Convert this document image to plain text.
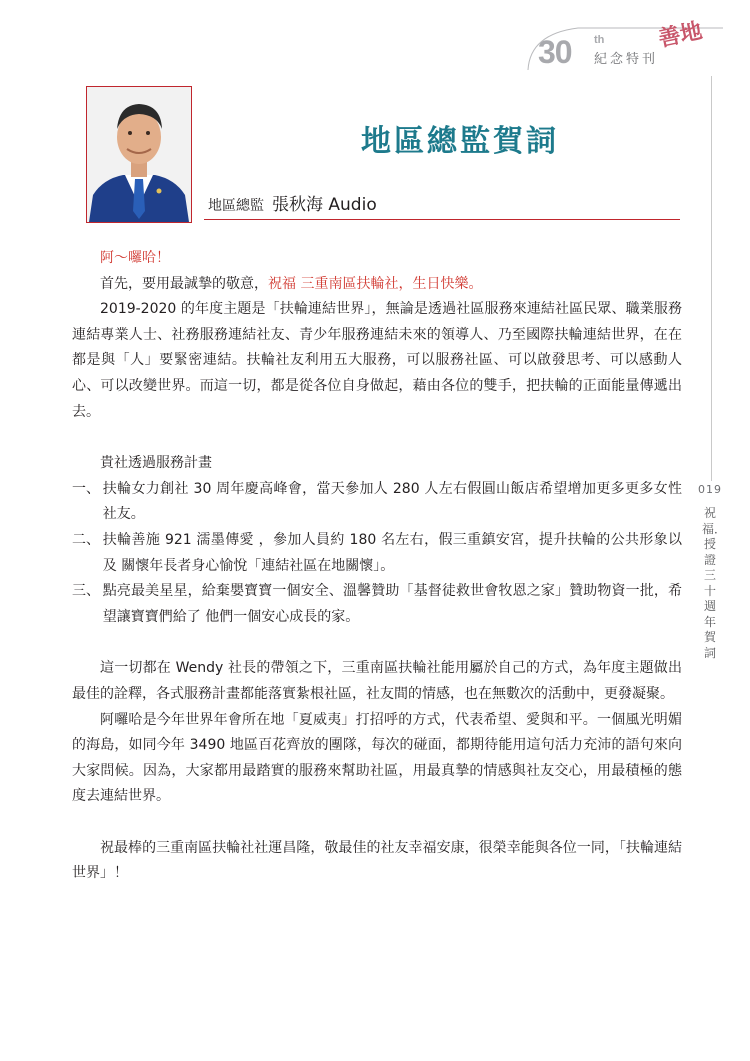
30 th
紀念特刊
善地
019
祝福．授證三十週年賀詞
地區總監賀詞
地區總監 張秋海 Audio

阿～囉哈！

首先，要用最誠摯的敬意，祝福 三重南區扶輪社，生日快樂。

2019-2020 的年度主題是「扶輪連結世界」，無論是透過社區服務來連結社區民眾、職業服務連結專業人士、社務服務連結社友、青少年服務連結未來的領導人、乃至國際扶輪連結世界，在在都是與「人」要緊密連結。扶輪社友利用五大服務，可以服務社區、可以啟發思考、可以感動人心、可以改變世界。而這一切，都是從各位自身做起，藉由各位的雙手，把扶輪的正面能量傳遞出去。

貴社透過服務計畫

一、 扶輪女力創社 30 周年慶高峰會，當天參加人 280 人左右假圓山飯店希望增加更多更多女性社友。

二、 扶輪善施 921 濡墨傳愛 ，參加人員約 180 名左右，假三重鎮安宮，提升扶輪的公共形象以及 關懷年長者身心愉悅「連結社區在地關懷」。

三、 點亮最美星星，給棄嬰寶寶一個安全、溫馨贊助「基督徒救世會牧恩之家」贊助物資一批，希望讓寶寶們給了 他們一個安心成長的家。

這一切都在 Wendy 社長的帶領之下，三重南區扶輪社能用屬於自己的方式，為年度主題做出最佳的詮釋，各式服務計畫都能落實紮根社區，社友間的情感，也在無數次的活動中，更發凝聚。

阿囉哈是今年世界年會所在地「夏威夷」打招呼的方式，代表希望、愛與和平。一個風光明媚的海島，如同今年 3490 地區百花齊放的團隊，每次的碰面，都期待能用這句活力充沛的語句來向大家問候。因為，大家都用最踏實的服務來幫助社區，用最真摯的情感與社友交心，用最積極的態度去連結世界。

祝最棒的三重南區扶輪社社運昌隆，敬最佳的社友幸福安康，很榮幸能與各位一同，「扶輪連結世界」！
